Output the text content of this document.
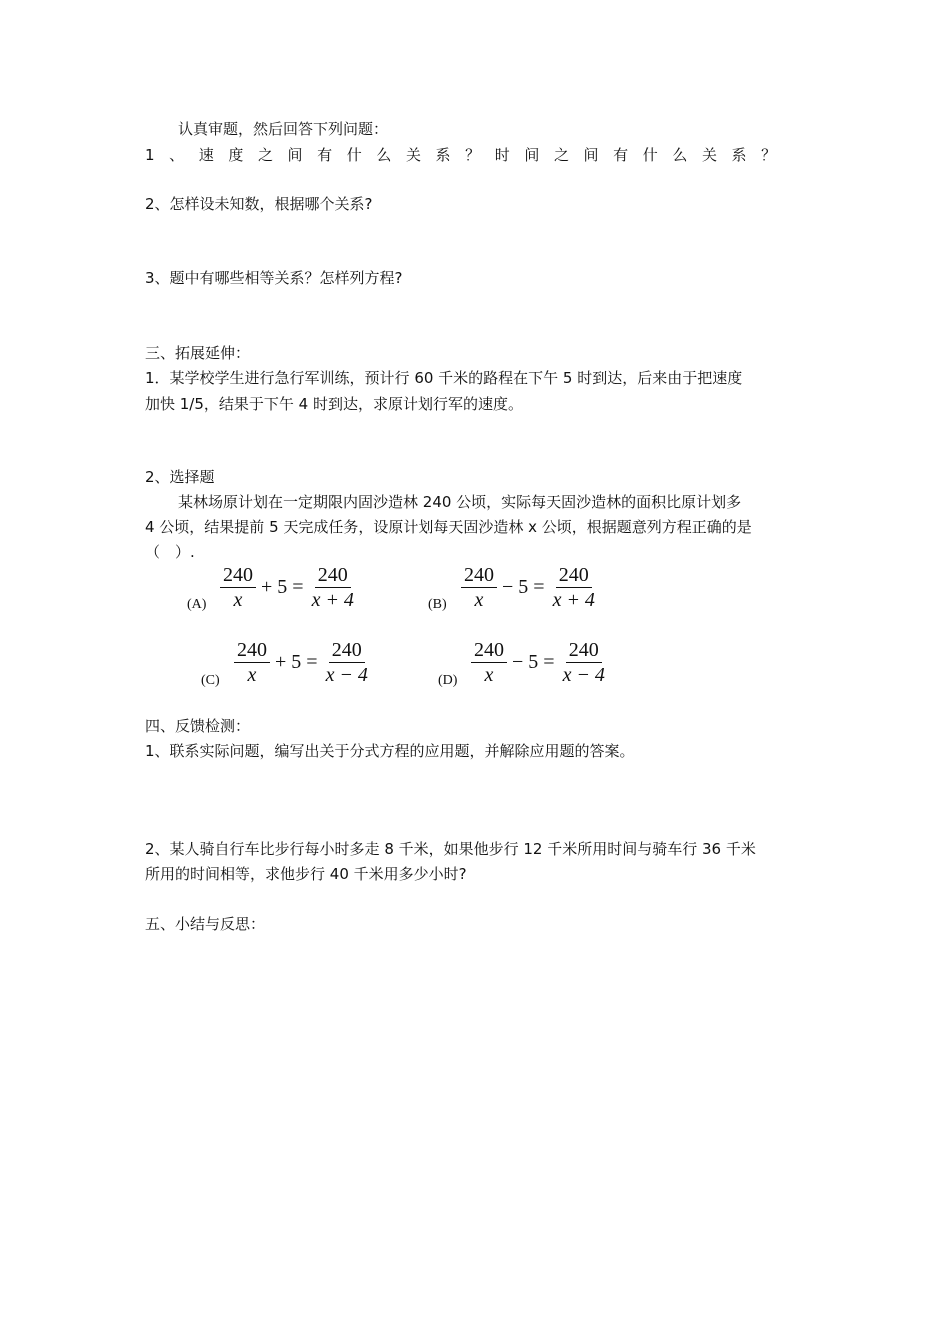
认真审题，然后回答下列问题：
1、速度之间有什么关系？时间之间有什么关系？
2、怎样设未知数，根据哪个关系?
3、题中有哪些相等关系？怎样列方程?
三、拓展延伸：
1．某学校学生进行急行军训练，预计行 60 千米的路程在下午 5 时到达，后来由于把速度
加快 1/5，结果于下午 4 时到达，求原计划行军的速度。
2、选择题
某林场原计划在一定期限内固沙造林 240 公顷，实际每天固沙造林的面积比原计划多
4 公顷，结果提前 5 天完成任务，设原计划每天固沙造林 x 公顷，根据题意列方程正确的是
（　）.
$(A) \frac{240}{x} + 5 = \frac{240}{x + 4}$	$(B) \frac{240}{x} - 5 = \frac{240}{x + 4}$
$(C) \frac{240}{x} + 5 = \frac{240}{x - 4}$	$(D) \frac{240}{x} - 5 = \frac{240}{x - 4}$
四、反馈检测：
1、联系实际问题，编写出关于分式方程的应用题，并解除应用题的答案。
2、某人骑自行车比步行每小时多走 8 千米，如果他步行 12 千米所用时间与骑车行 36 千米
所用的时间相等，求他步行 40 千米用多少小时?
五、小结与反思：
